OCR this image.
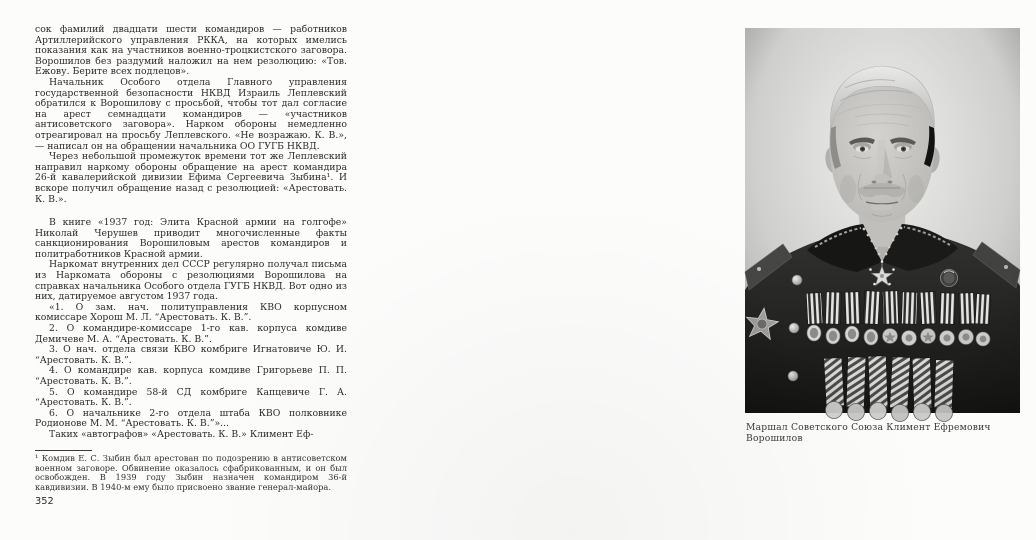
сок фамилий двадцати шести командиров — работников Артиллерийского управления РККА, на которых имелись показания как на участников военно-троцкистского заговора. Ворошилов без раздумий наложил на нем резолюцию: «Тов. Ежову. Берите всех подлецов».

Начальник Особого отдела Главного управления государственной безопасности НКВД Израиль Леплевский обратился к Ворошилову с просьбой, чтобы тот дал согласие на арест семнадцати командиров — «участников антисоветского заговора». Нарком обороны немедленно отреагировал на просьбу Леплевского. «Не возражаю. К. В.», — написал он на обращении начальника ОО ГУГБ НКВД.

Через небольшой промежуток времени тот же Леплевский направил наркому обороны обращение на арест командира 26-й кавалерийской дивизии Ефима Сергеевича Зыбина¹. И вскоре получил обращение назад с резолюцией: «Арестовать. К. В.».

В книге «1937 год: Элита Красной армии на голгофе» Николай Черушев приводит многочисленные факты санкционирования Ворошиловым арестов командиров и политработников Красной армии.

Наркомат внутренних дел СССР регулярно получал письма из Наркомата обороны с резолюциями Ворошилова на справках начальника Особого отдела ГУГБ НКВД. Вот одно из них, датируемое августом 1937 года.

«1. О зам. нач. политуправления КВО корпусном комиссаре Хорош М. Л. “Арестовать. К. В.”.

2. О командире-комиссаре 1-го кав. корпуса комдиве Демичеве М. А. “Арестовать. К. В.”.

3. О нач. отдела связи КВО комбриге Игнатовиче Ю. И. “Арестовать. К. В.”.

4. О командире кав. корпуса комдиве Григорьеве П. П. “Арестовать. К. В.”.

5. О командире 58-й СД комбриге Капцевиче Г. А. “Арестовать. К. В.”.

6. О начальнике 2-го отдела штаба КВО полковнике Родионове М. М. “Арестовать. К. В.”»...

Таких «автографов» «Арестовать. К. В.» Климент Еф-

¹ Комдив Е. С. Зыбин был арестован по подозрению в антисоветском военном заговоре. Обвинение оказалось сфабрикованным, и он был освобожден. В 1939 году Зыбин назначен командиром 36-й кавдивизии. В 1940-м ему было присвоено звание генерал-майора.

352
Маршал Советского Союза Климент Ефремович Ворошилов
